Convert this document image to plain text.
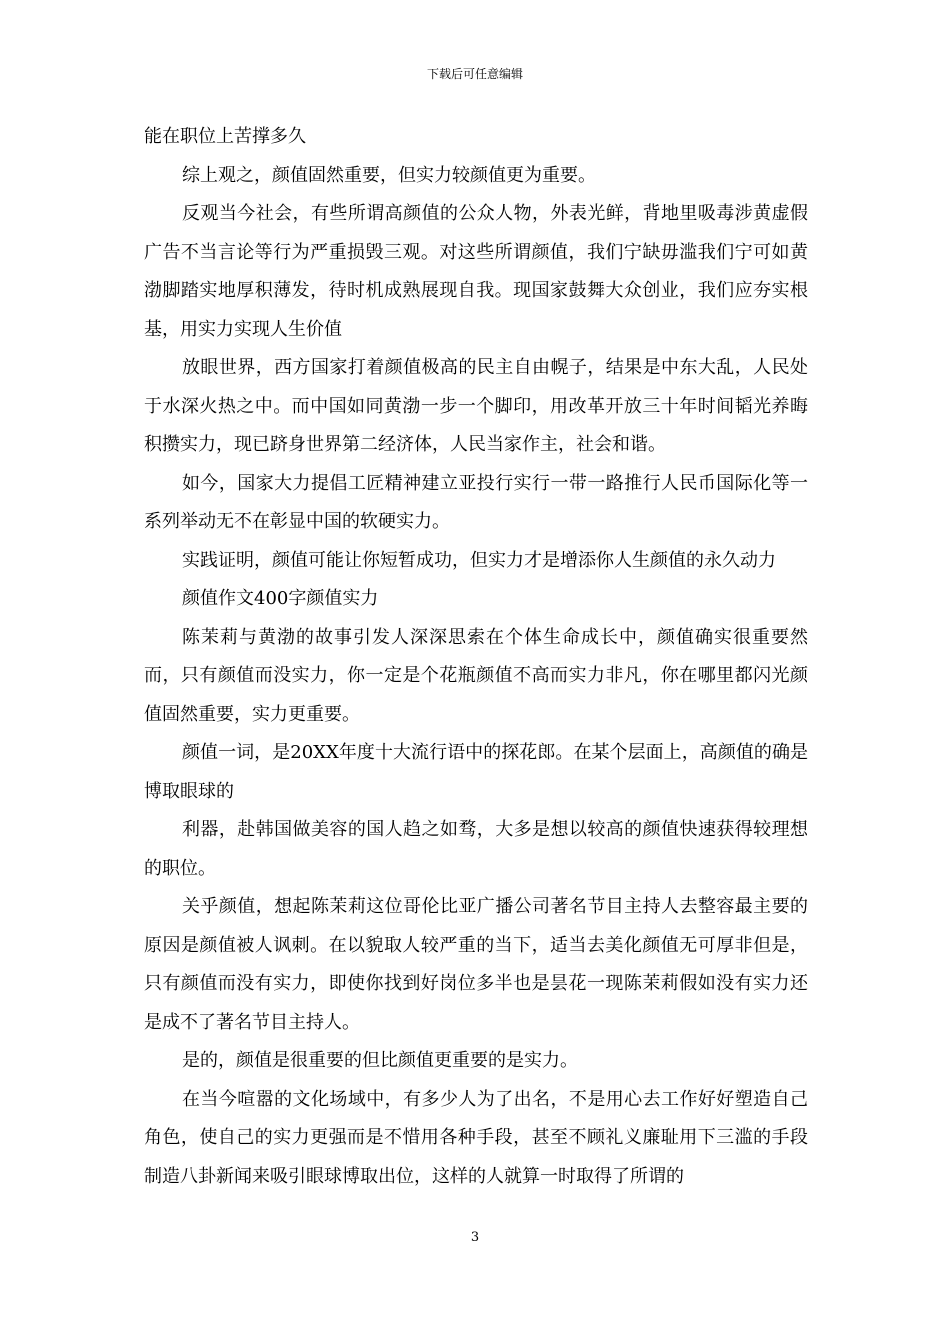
下载后可任意编辑

能在职位上苦撑多久

综上观之，颜值固然重要，但实力较颜值更为重要。

反观当今社会，有些所谓高颜值的公众人物，外表光鲜，背地里吸毒涉黄虚假广告不当言论等行为严重损毁三观。对这些所谓颜值，我们宁缺毋滥我们宁可如黄渤脚踏实地厚积薄发，待时机成熟展现自我。现国家鼓舞大众创业，我们应夯实根基，用实力实现人生价值

放眼世界，西方国家打着颜值极高的民主自由幌子，结果是中东大乱，人民处于水深火热之中。而中国如同黄渤一步一个脚印，用改革开放三十年时间韬光养晦积攒实力，现已跻身世界第二经济体，人民当家作主，社会和谐。

如今，国家大力提倡工匠精神建立亚投行实行一带一路推行人民币国际化等一系列举动无不在彰显中国的软硬实力。

实践证明，颜值可能让你短暂成功，但实力才是增添你人生颜值的永久动力

颜值作文400字颜值实力

陈茉莉与黄渤的故事引发人深深思索在个体生命成长中，颜值确实很重要然而，只有颜值而没实力，你一定是个花瓶颜值不高而实力非凡，你在哪里都闪光颜值固然重要，实力更重要。

颜值一词，是20XX年度十大流行语中的探花郎。在某个层面上，高颜值的确是博取眼球的

利器，赴韩国做美容的国人趋之如骛，大多是想以较高的颜值快速获得较理想的职位。

关乎颜值，想起陈茉莉这位哥伦比亚广播公司著名节目主持人去整容最主要的原因是颜值被人讽刺。在以貌取人较严重的当下，适当去美化颜值无可厚非但是，只有颜值而没有实力，即使你找到好岗位多半也是昙花一现陈茉莉假如没有实力还是成不了著名节目主持人。

是的，颜值是很重要的但比颜值更重要的是实力。

在当今喧嚣的文化场域中，有多少人为了出名，不是用心去工作好好塑造自己角色，使自己的实力更强而是不惜用各种手段，甚至不顾礼义廉耻用下三滥的手段制造八卦新闻来吸引眼球博取出位，这样的人就算一时取得了所谓的

3
